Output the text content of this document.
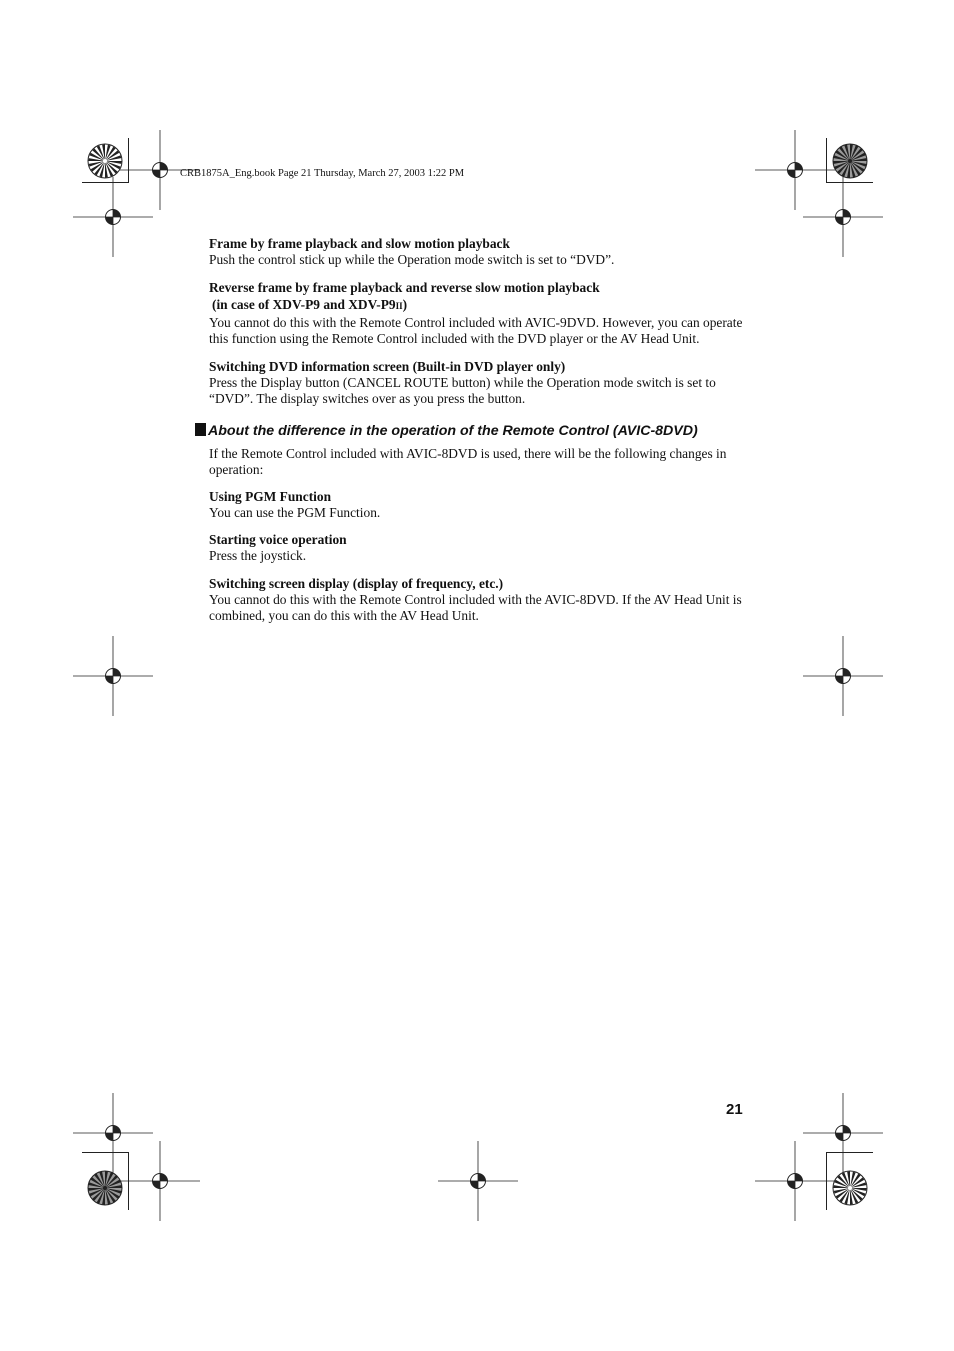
CRB1875A_Eng.book Page 21 Thursday, March 27, 2003 1:22 PM
Frame by frame playback and slow motion playback

Push the control stick up while the Operation mode switch is set to “DVD”.

Reverse frame by frame playback and reverse slow motion playback
(in case of XDV-P9 and XDV-P9II)

You cannot do this with the Remote Control included with AVIC-9DVD. However, you can operate this function using the Remote Control included with the DVD player or the AV Head Unit.

Switching DVD information screen (Built-in DVD player only)

Press the Display button (CANCEL ROUTE button) while the Operation mode switch is set to “DVD”. The display switches over as you press the button.

About the difference in the operation of the Remote Control (AVIC-8DVD)

If the Remote Control included with AVIC-8DVD is used, there will be the following changes in operation:

Using PGM Function

You can use the PGM Function.

Starting voice operation

Press the joystick.

Switching screen display (display of frequency, etc.)

You cannot do this with the Remote Control included with the AVIC-8DVD. If the AV Head Unit is combined, you can do this with the AV Head Unit.

21
